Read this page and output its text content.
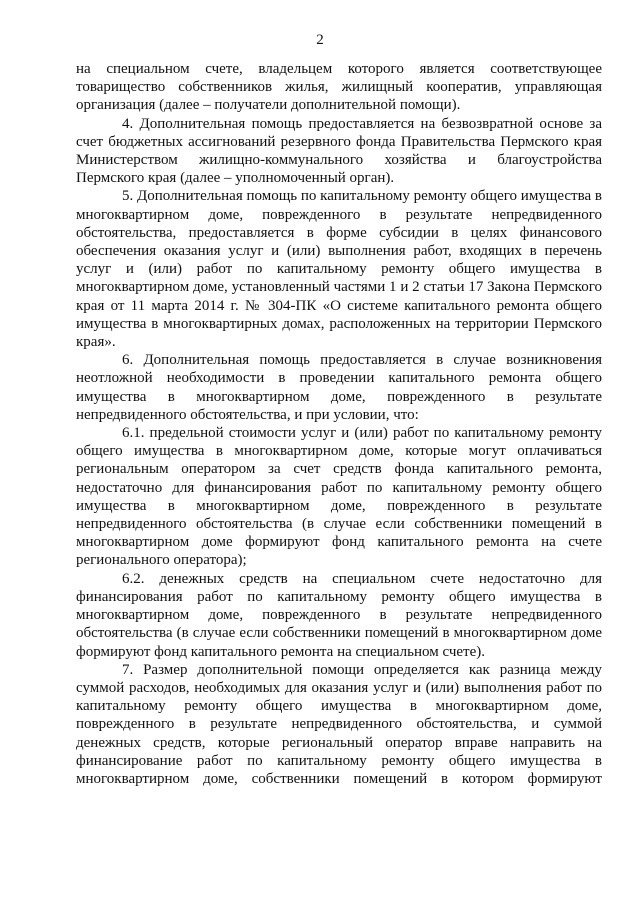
2

на специальном счете, владельцем которого является соответствующее товарищество собственников жилья, жилищный кооператив, управляющая организация (далее – получатели дополнительной помощи).

4. Дополнительная помощь предоставляется на безвозвратной основе за счет бюджетных ассигнований резервного фонда Правительства Пермского края Министерством жилищно-коммунального хозяйства и благоустройства Пермского края (далее – уполномоченный орган).

5. Дополнительная помощь по капитальному ремонту общего имущества в многоквартирном доме, поврежденного в результате непредвиденного обстоятельства, предоставляется в форме субсидии в целях финансового обеспечения оказания услуг и (или) выполнения работ, входящих в перечень услуг и (или) работ по капитальному ремонту общего имущества в многоквартирном доме, установленный частями 1 и 2 статьи 17 Закона Пермского края от 11 марта 2014 г. № 304-ПК «О системе капитального ремонта общего имущества в многоквартирных домах, расположенных на территории Пермского края».

6. Дополнительная помощь предоставляется в случае возникновения неотложной необходимости в проведении капитального ремонта общего имущества в многоквартирном доме, поврежденного в результате непредвиденного обстоятельства, и при условии, что:

6.1. предельной стоимости услуг и (или) работ по капитальному ремонту общего имущества в многоквартирном доме, которые могут оплачиваться региональным оператором за счет средств фонда капитального ремонта, недостаточно для финансирования работ по капитальному ремонту общего имущества в многоквартирном доме, поврежденного в результате непредвиденного обстоятельства (в случае если собственники помещений в многоквартирном доме формируют фонд капитального ремонта на счете регионального оператора);

6.2. денежных средств на специальном счете недостаточно для финансирования работ по капитальному ремонту общего имущества в многоквартирном доме, поврежденного в результате непредвиденного обстоятельства (в случае если собственники помещений в многоквартирном доме формируют фонд капитального ремонта на специальном счете).

7. Размер дополнительной помощи определяется как разница между суммой расходов, необходимых для оказания услуг и (или) выполнения работ по капитальному ремонту общего имущества в многоквартирном доме, поврежденного в результате непредвиденного обстоятельства, и суммой денежных средств, которые региональный оператор вправе направить на финансирование работ по капитальному ремонту общего имущества в многоквартирном доме, собственники помещений в котором формируют
